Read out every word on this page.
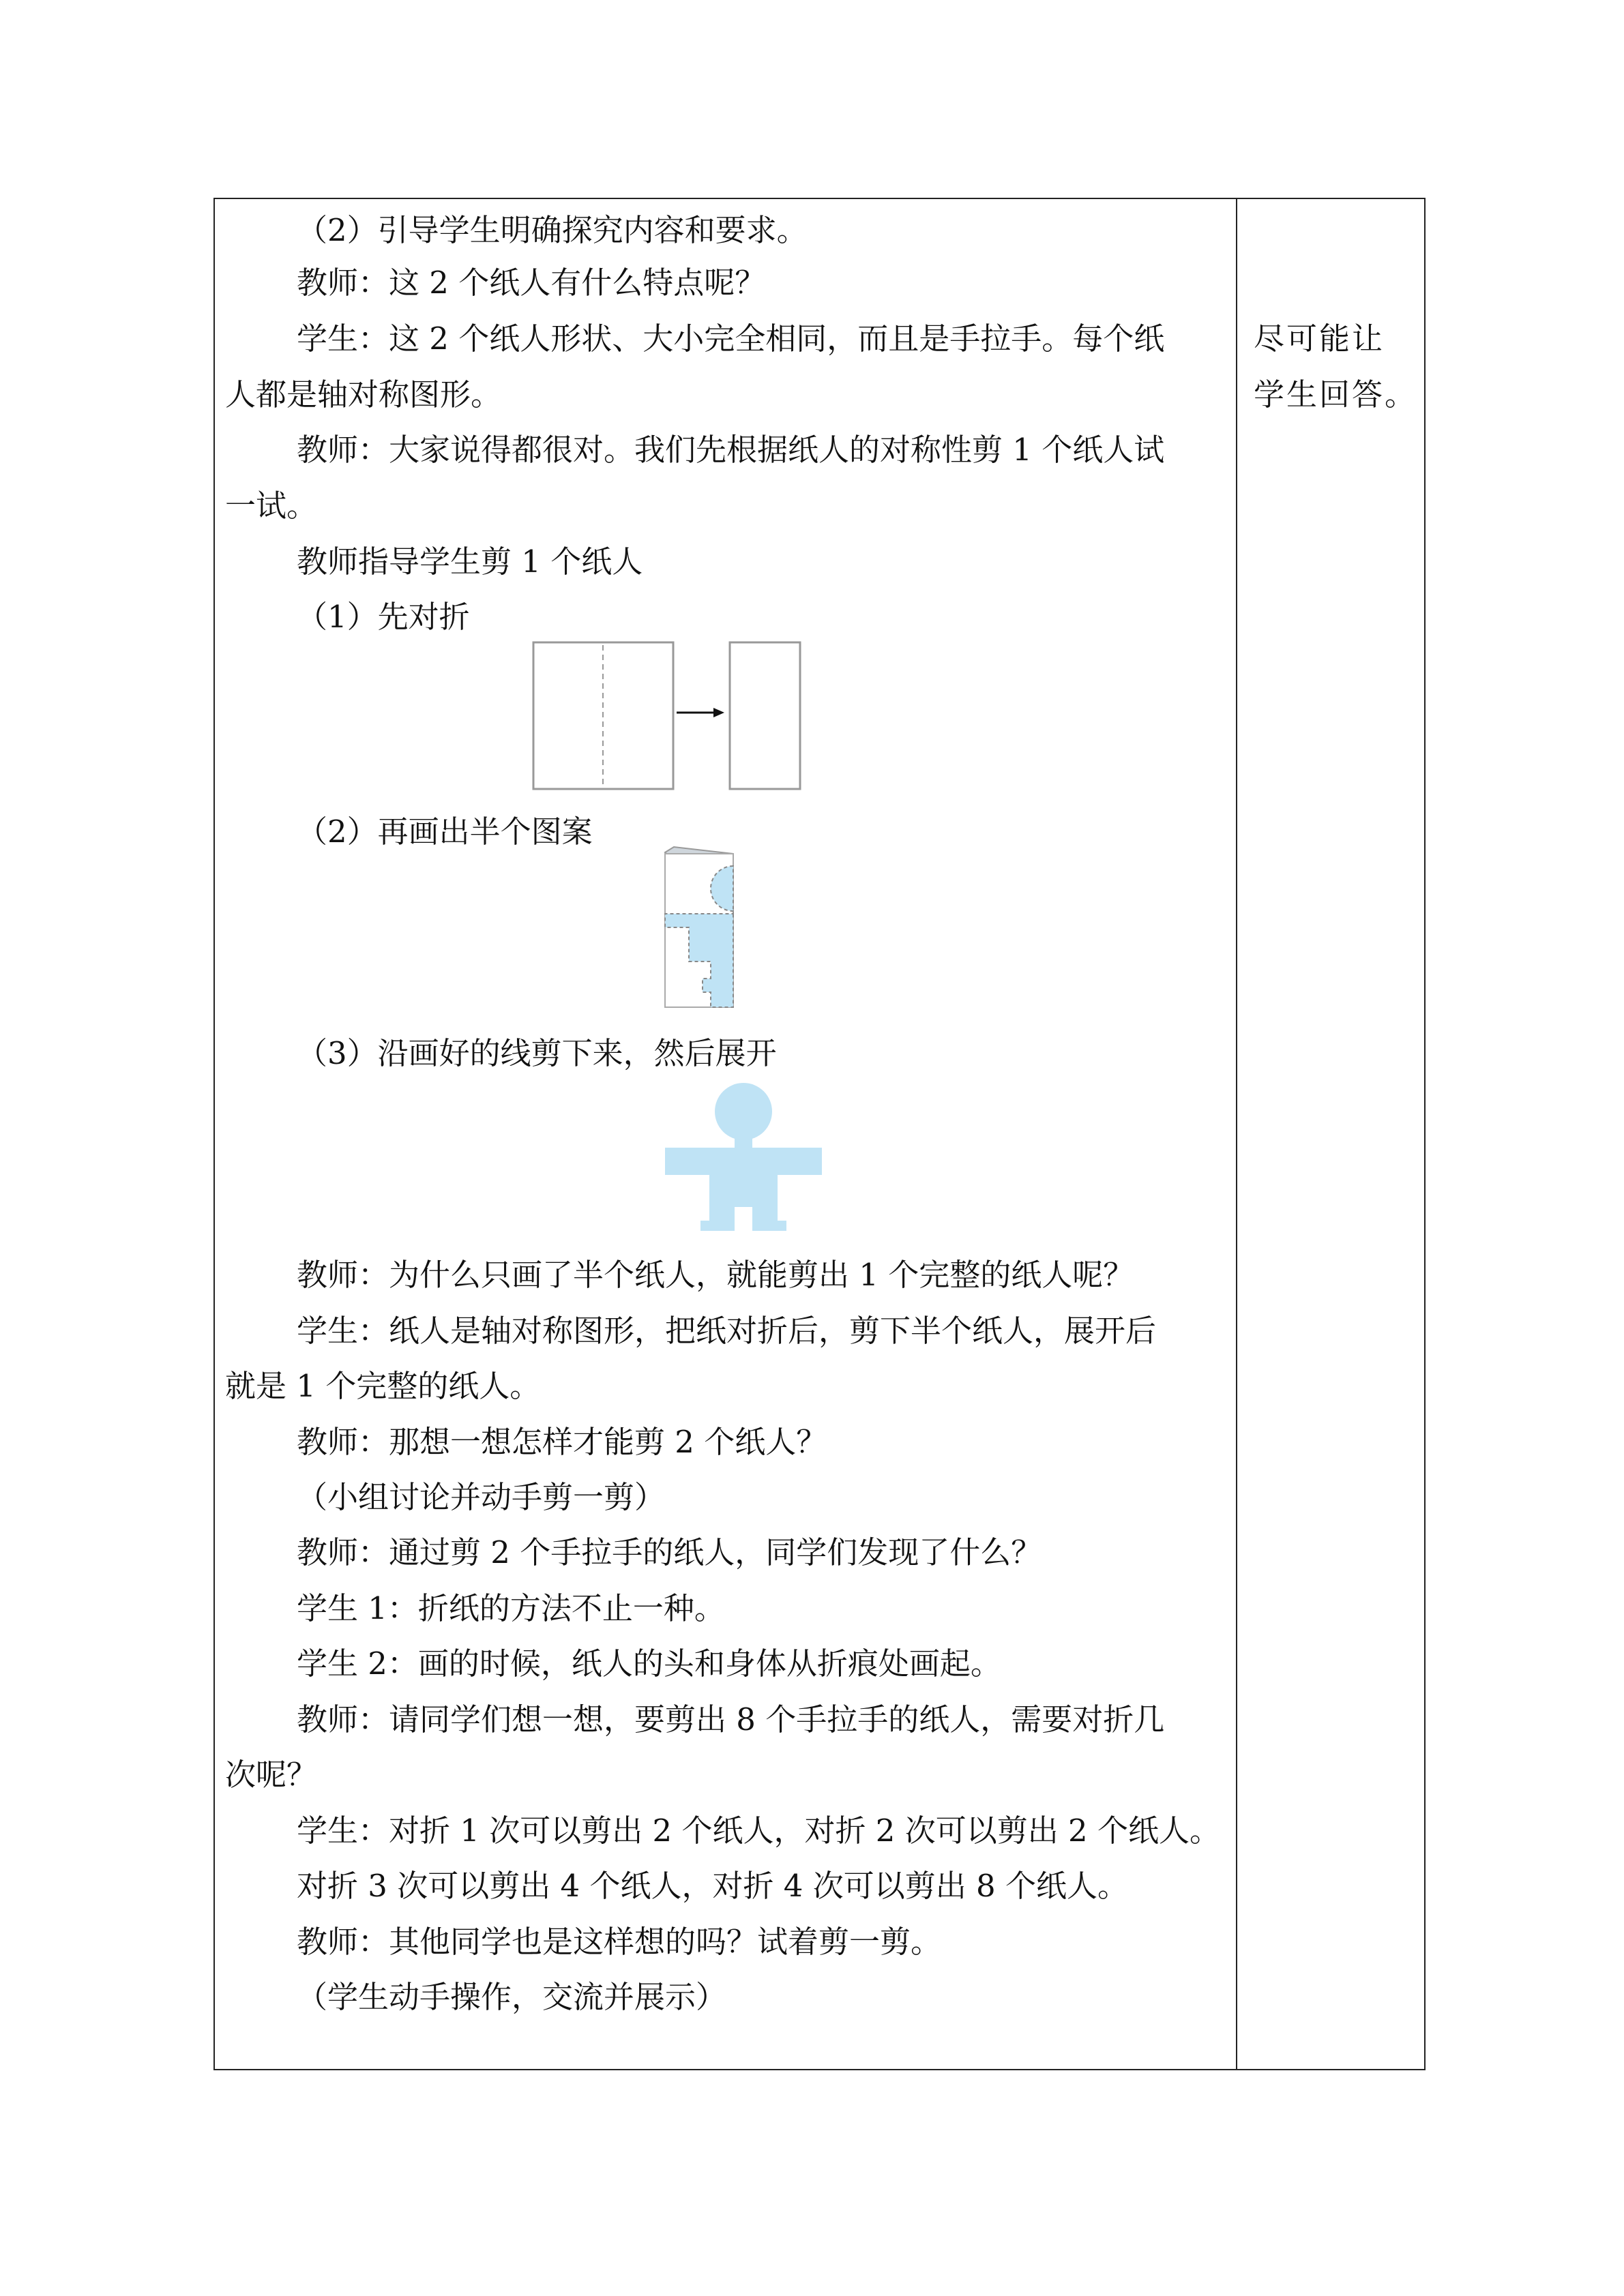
（2）引导学生明确探究内容和要求。
教师：这 2 个纸人有什么特点呢？
学生：这 2 个纸人形状、大小完全相同，而且是手拉手。每个纸
人都是轴对称图形。
教师：大家说得都很对。我们先根据纸人的对称性剪 1 个纸人试
一试。
教师指导学生剪 1 个纸人
（1）先对折
（2）再画出半个图案
（3）沿画好的线剪下来，然后展开
教师：为什么只画了半个纸人，就能剪出 1 个完整的纸人呢？
学生：纸人是轴对称图形，把纸对折后，剪下半个纸人，展开后
就是 1 个完整的纸人。
教师：那想一想怎样才能剪 2 个纸人？
（小组讨论并动手剪一剪）
教师：通过剪 2 个手拉手的纸人，同学们发现了什么？
学生 1：折纸的方法不止一种。
学生 2：画的时候，纸人的头和身体从折痕处画起。
教师：请同学们想一想，要剪出 8 个手拉手的纸人，需要对折几
次呢？
学生：对折 1 次可以剪出 2 个纸人，对折 2 次可以剪出 2 个纸人。
对折 3 次可以剪出 4 个纸人，对折 4 次可以剪出 8 个纸人。
教师：其他同学也是这样想的吗？试着剪一剪。
（学生动手操作，交流并展示）
尽可能让
学生回答。
